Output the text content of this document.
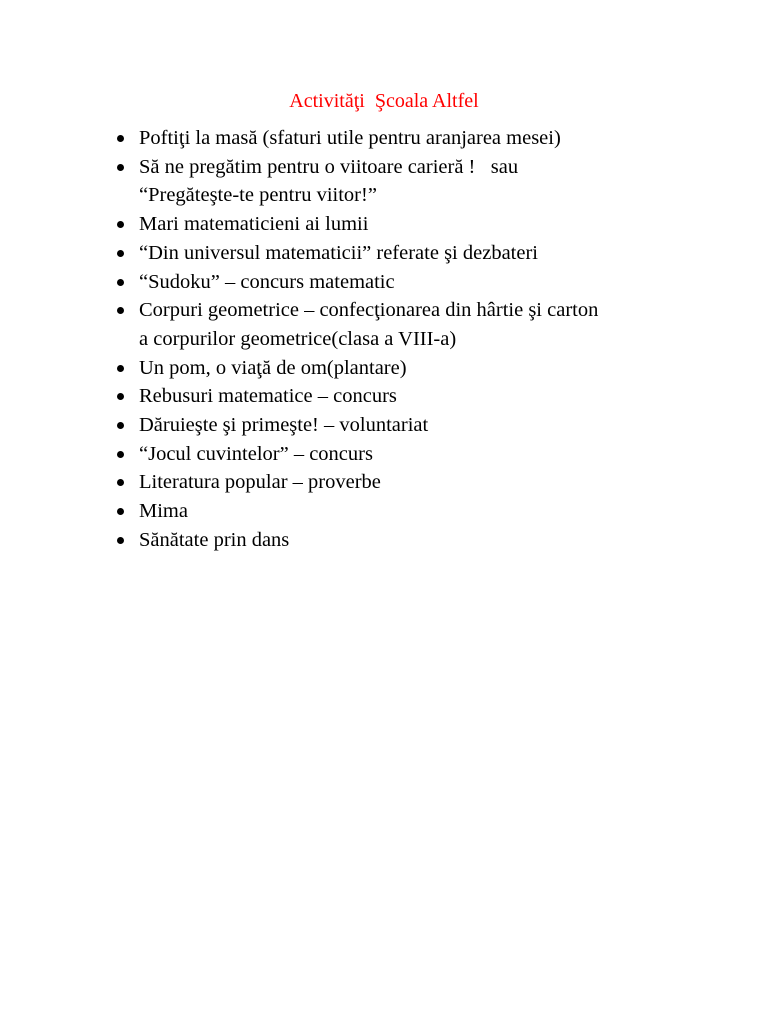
Activităţi  Şcoala Altfel
Poftiţi la masă (sfaturi utile pentru aranjarea mesei)
Să ne pregătim pentru o viitoare carieră !   sau
“Pregăteşte-te pentru viitor!”
Mari matematicieni ai lumii
“Din universul matematicii” referate şi dezbateri
“Sudoku” – concurs matematic
Corpuri geometrice – confecţionarea din hârtie şi carton
a corpurilor geometrice(clasa a VIII-a)
Un pom, o viaţă de om(plantare)
Rebusuri matematice – concurs
Dăruieşte şi primeşte! – voluntariat
“Jocul cuvintelor” – concurs
Literatura popular – proverbe
Mima
Sănătate prin dans
